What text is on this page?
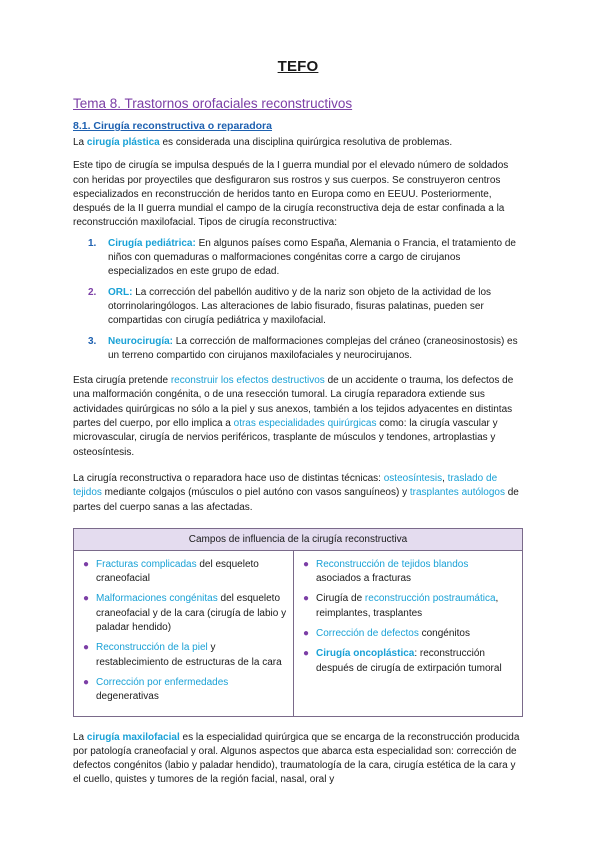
TEFO
Tema 8. Trastornos orofaciales reconstructivos
8.1. Cirugía reconstructiva o reparadora

La cirugía plástica es considerada una disciplina quirúrgica resolutiva de problemas.

Este tipo de cirugía se impulsa después de la I guerra mundial por el elevado número de soldados con heridas por proyectiles que desfiguraron sus rostros y sus cuerpos. Se construyeron centros especializados en reconstrucción de heridos tanto en Europa como en EEUU. Posteriormente, después de la II guerra mundial el campo de la cirugía reconstructiva deja de estar confinada a la reconstrucción maxilofacial. Tipos de cirugía reconstructiva:

1. Cirugía pediátrica: En algunos países como España, Alemania o Francia, el tratamiento de niños con quemaduras o malformaciones congénitas corre a cargo de cirujanos especializados en este grupo de edad.
2. ORL: La corrección del pabellón auditivo y de la nariz son objeto de la actividad de los otorrinolaringólogos. Las alteraciones de labio fisurado, fisuras palatinas, pueden ser compartidas con cirugía pediátrica y maxilofacial.
3. Neurocirugía: La corrección de malformaciones complejas del cráneo (craneosinostosis) es un terreno compartido con cirujanos maxilofaciales y neurocirujanos.

Esta cirugía pretende reconstruir los efectos destructivos de un accidente o trauma, los defectos de una malformación congénita, o de una resección tumoral. La cirugía reparadora extiende sus actividades quirúrgicas no sólo a la piel y sus anexos, también a los tejidos adyacentes en distintas partes del cuerpo, por ello implica a otras especialidades quirúrgicas como: la cirugía vascular y microvascular, cirugía de nervios periféricos, trasplante de músculos y tendones, artroplastias y osteosíntesis.

La cirugía reconstructiva o reparadora hace uso de distintas técnicas: osteosíntesis, traslado de tejidos mediante colgajos (músculos o piel autóno con vasos sanguíneos) y trasplantes autólogos de partes del cuerpo sanas a las afectadas.

Campos de influencia de la cirugía reconstructiva

● Fracturas complicadas del esqueleto craneofacial
● Malformaciones congénitas del esqueleto craneofacial y de la cara (cirugía de labio y paladar hendido)
● Reconstrucción de la piel y restablecimiento de estructuras de la cara
● Corrección por enfermedades degenerativas

● Reconstrucción de tejidos blandos asociados a fracturas
● Cirugía de reconstrucción postraumática, reimplantes, trasplantes
● Corrección de defectos congénitos
● Cirugía oncoplástica: reconstrucción después de cirugía de extirpación tumoral

La cirugía maxilofacial es la especialidad quirúrgica que se encarga de la reconstrucción producida por patología craneofacial y oral. Algunos aspectos que abarca esta especialidad son: corrección de defectos congénitos (labio y paladar hendido), traumatología de la cara, cirugía estética de la cara y el cuello, quistes y tumores de la región facial, nasal, oral y
